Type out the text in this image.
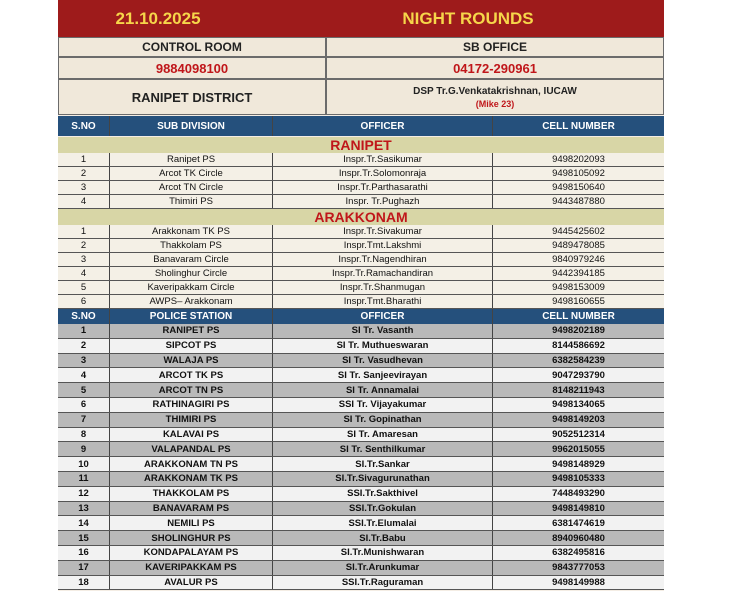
21.10.2025	NIGHT ROUNDS
CONTROL ROOM	SB OFFICE
9884098100	04172-290961
RANIPET DISTRICT	DSP Tr.G.Venkatakrishnan, IUCAW
(Mike 23)
S.NO	SUB DIVISION	OFFICER	CELL NUMBER
S.NO	POLICE STATION	OFFICER	CELL NUMBER
RANIPET
1	Ranipet PS	Inspr.Tr.Sasikumar	9498202093
2	Arcot TK Circle	Inspr.Tr.Solomonraja	9498105092
3	Arcot TN Circle	Inspr.Tr.Parthasarathi	9498150640
4	Thimiri PS	Inspr. Tr.Pughazh	9443487880
ARAKKONAM
1	Arakkonam TK PS	Inspr.Tr.Sivakumar	9445425602
2	Thakkolam PS	Inspr.Tmt.Lakshmi	9489478085
3	Banavaram Circle	Inspr.Tr.Nagendhiran	9840979246
4	Sholinghur Circle	Inspr.Tr.Ramachandiran	9442394185
5	Kaveripakkam Circle	Inspr.Tr.Shanmugan	9498153009
6	AWPS– Arakkonam	Inspr.Tmt.Bharathi	9498160655
1	RANIPET PS	SI Tr. Vasanth	9498202189
2	SIPCOT PS	SI Tr. Muthueswaran	8144586692
3	WALAJA PS	SI Tr. Vasudhevan	6382584239
4	ARCOT TK PS	SI Tr. Sanjeevirayan	9047293790
5	ARCOT TN PS	SI Tr. Annamalai	8148211943
6	RATHINAGIRI PS	SSI Tr. Vijayakumar	9498134065
7	THIMIRI PS	SI Tr. Gopinathan	9498149203
8	KALAVAI PS	SI Tr. Amaresan	9052512314
9	VALAPANDAL PS	SI Tr. Senthilkumar	9962015055
10	ARAKKONAM TN PS	SI.Tr.Sankar	9498148929
11	ARAKKONAM TK PS	SI.Tr.Sivagurunathan	9498105333
12	THAKKOLAM PS	SSI.Tr.Sakthivel	7448493290
13	BANAVARAM PS	SSI.Tr.Gokulan	9498149810
14	NEMILI PS	SSI.Tr.Elumalai	6381474619
15	SHOLINGHUR PS	SI.Tr.Babu	8940960480
16	KONDAPALAYAM PS	SI.Tr.Munishwaran	6382495816
17	KAVERIPAKKAM PS	SI.Tr.Arunkumar	9843777053
18	AVALUR PS	SSI.Tr.Raguraman	9498149988
